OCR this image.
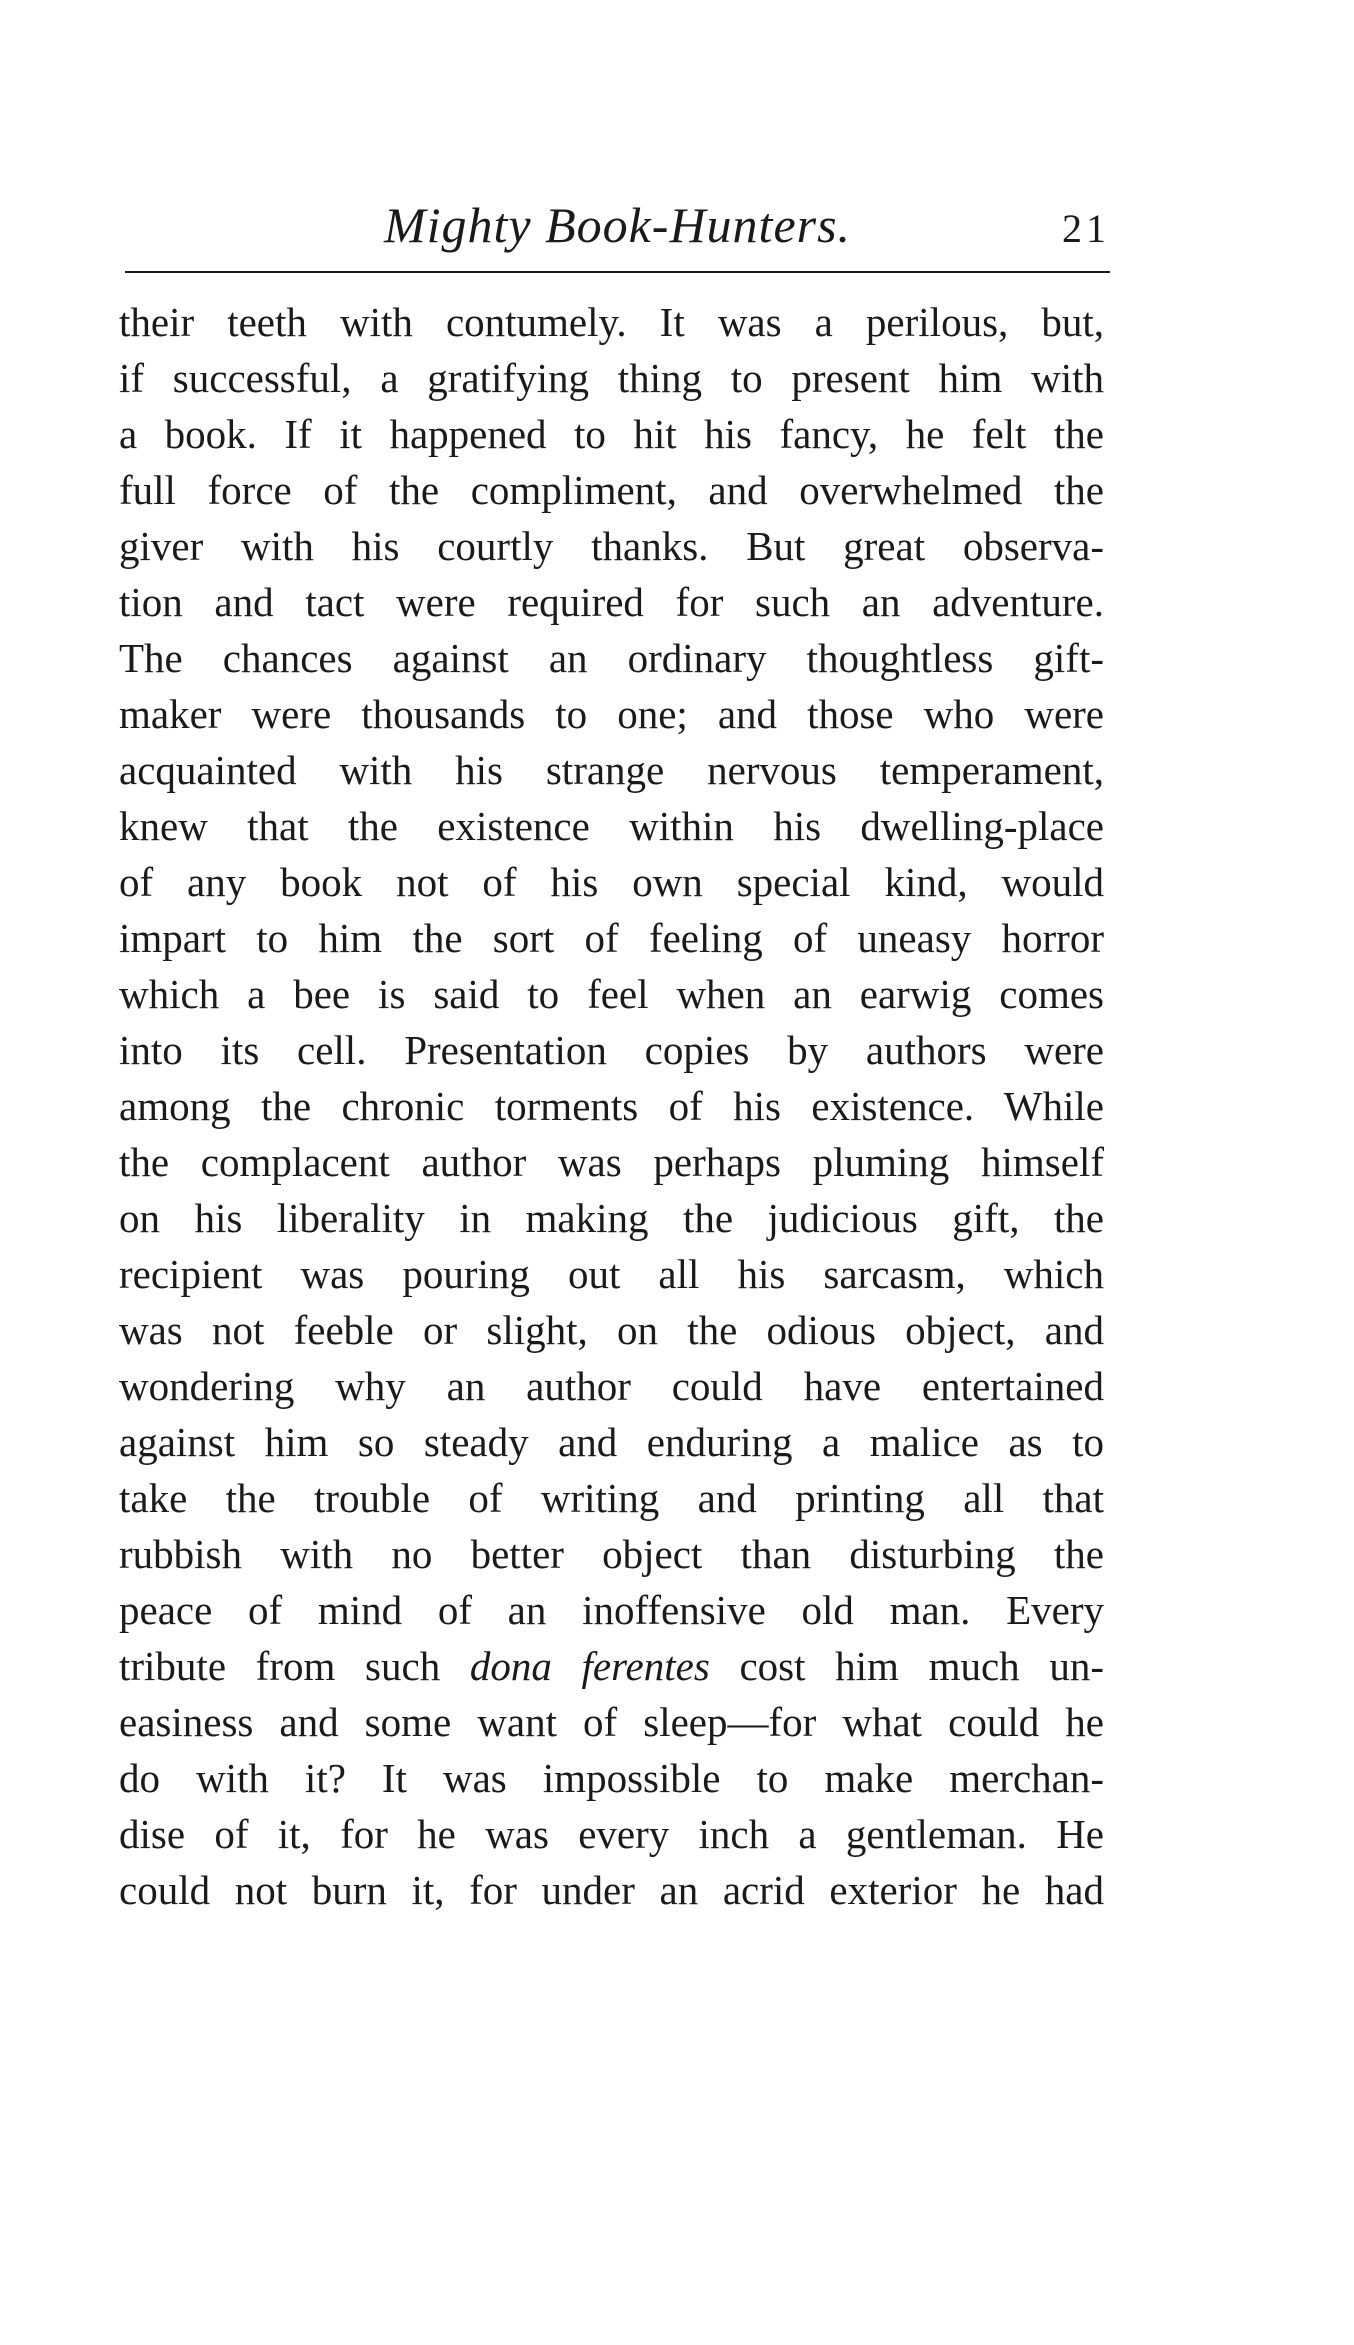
Mighty Book-Hunters.	21
their teeth with contumely. It was a perilous, but,
if successful, a gratifying thing to present him with
a book. If it happened to hit his fancy, he felt the
full force of the compliment, and overwhelmed the
giver with his courtly thanks. But great observa-
tion and tact were required for such an adventure.
The chances against an ordinary thoughtless gift-
maker were thousands to one; and those who were
acquainted with his strange nervous temperament,
knew that the existence within his dwelling-place
of any book not of his own special kind, would
impart to him the sort of feeling of uneasy horror
which a bee is said to feel when an earwig comes
into its cell. Presentation copies by authors were
among the chronic torments of his existence. While
the complacent author was perhaps pluming himself
on his liberality in making the judicious gift, the
recipient was pouring out all his sarcasm, which
was not feeble or slight, on the odious object, and
wondering why an author could have entertained
against him so steady and enduring a malice as to
take the trouble of writing and printing all that
rubbish with no better object than disturbing the
peace of mind of an inoffensive old man. Every
tribute from such dona ferentes cost him much un-
easiness and some want of sleep—for what could he
do with it? It was impossible to make merchan-
dise of it, for he was every inch a gentleman. He
could not burn it, for under an acrid exterior he had
